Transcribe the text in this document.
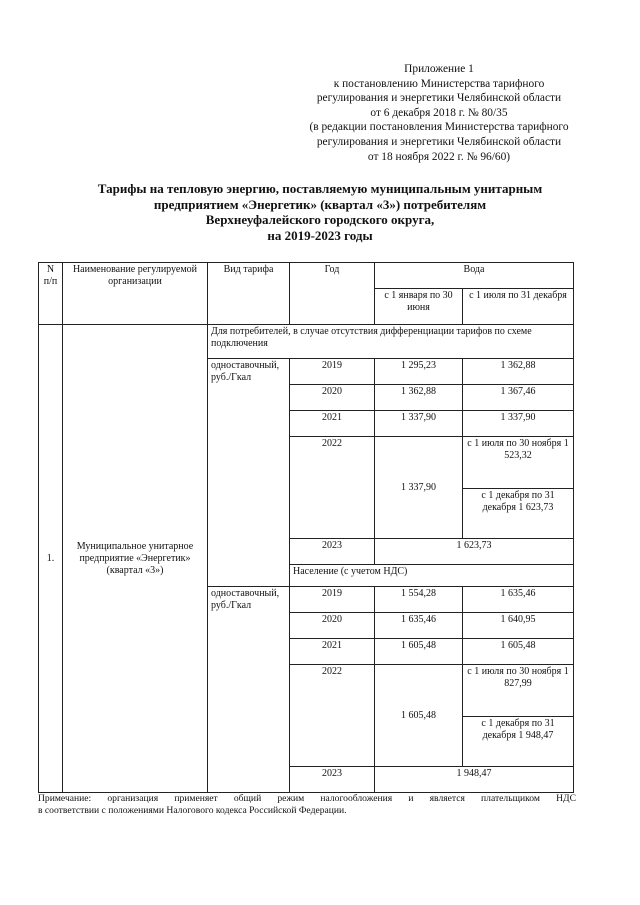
Приложение 1
к постановлению Министерства тарифного
регулирования и энергетики Челябинской области
от 6 декабря 2018 г. № 80/35
(в редакции постановления Министерства тарифного
регулирования и энергетики Челябинской области
от 18 ноября 2022 г. № 96/60)
Тарифы на тепловую энергию, поставляемую муниципальным унитарным
предприятием «Энергетик» (квартал «3») потребителям
Верхнеуфалейского городского округа,
на 2019-2023 годы
N п/п	Наименование регулируемой организации	Вид тарифа	Год	Вода	
				с 1 января по 30 июня	с 1 июля по 31 декабря
1.	Муниципальное унитарное предприятие «Энергетик» (квартал «3»)	Для потребителей, в случае отсутствия дифференциации тарифов по схеме подключения			
		одноставочный, руб./Гкал	2019	1 295,23	1 362,88
			2020	1 362,88	1 367,46
			2021	1 337,90	1 337,90
			2022	1 337,90	с 1 июля по 30 ноября 1 523,32
					с 1 декабря по 31 декабря 1 623,73
			2023	1 623,73	
			Население (с учетом НДС)		
		одноставочный, руб./Гкал	2019	1 554,28	1 635,46
			2020	1 635,46	1 640,95
			2021	1 605,48	1 605,48
			2022	1 605,48	с 1 июля по 30 ноября 1 827,99
					с 1 декабря по 31 декабря 1 948,47
			2023	1 948,47	
Примечание: организация применяет общий режим налогообложения и является плательщиком НДС
в соответствии с положениями Налогового кодекса Российской Федерации.
